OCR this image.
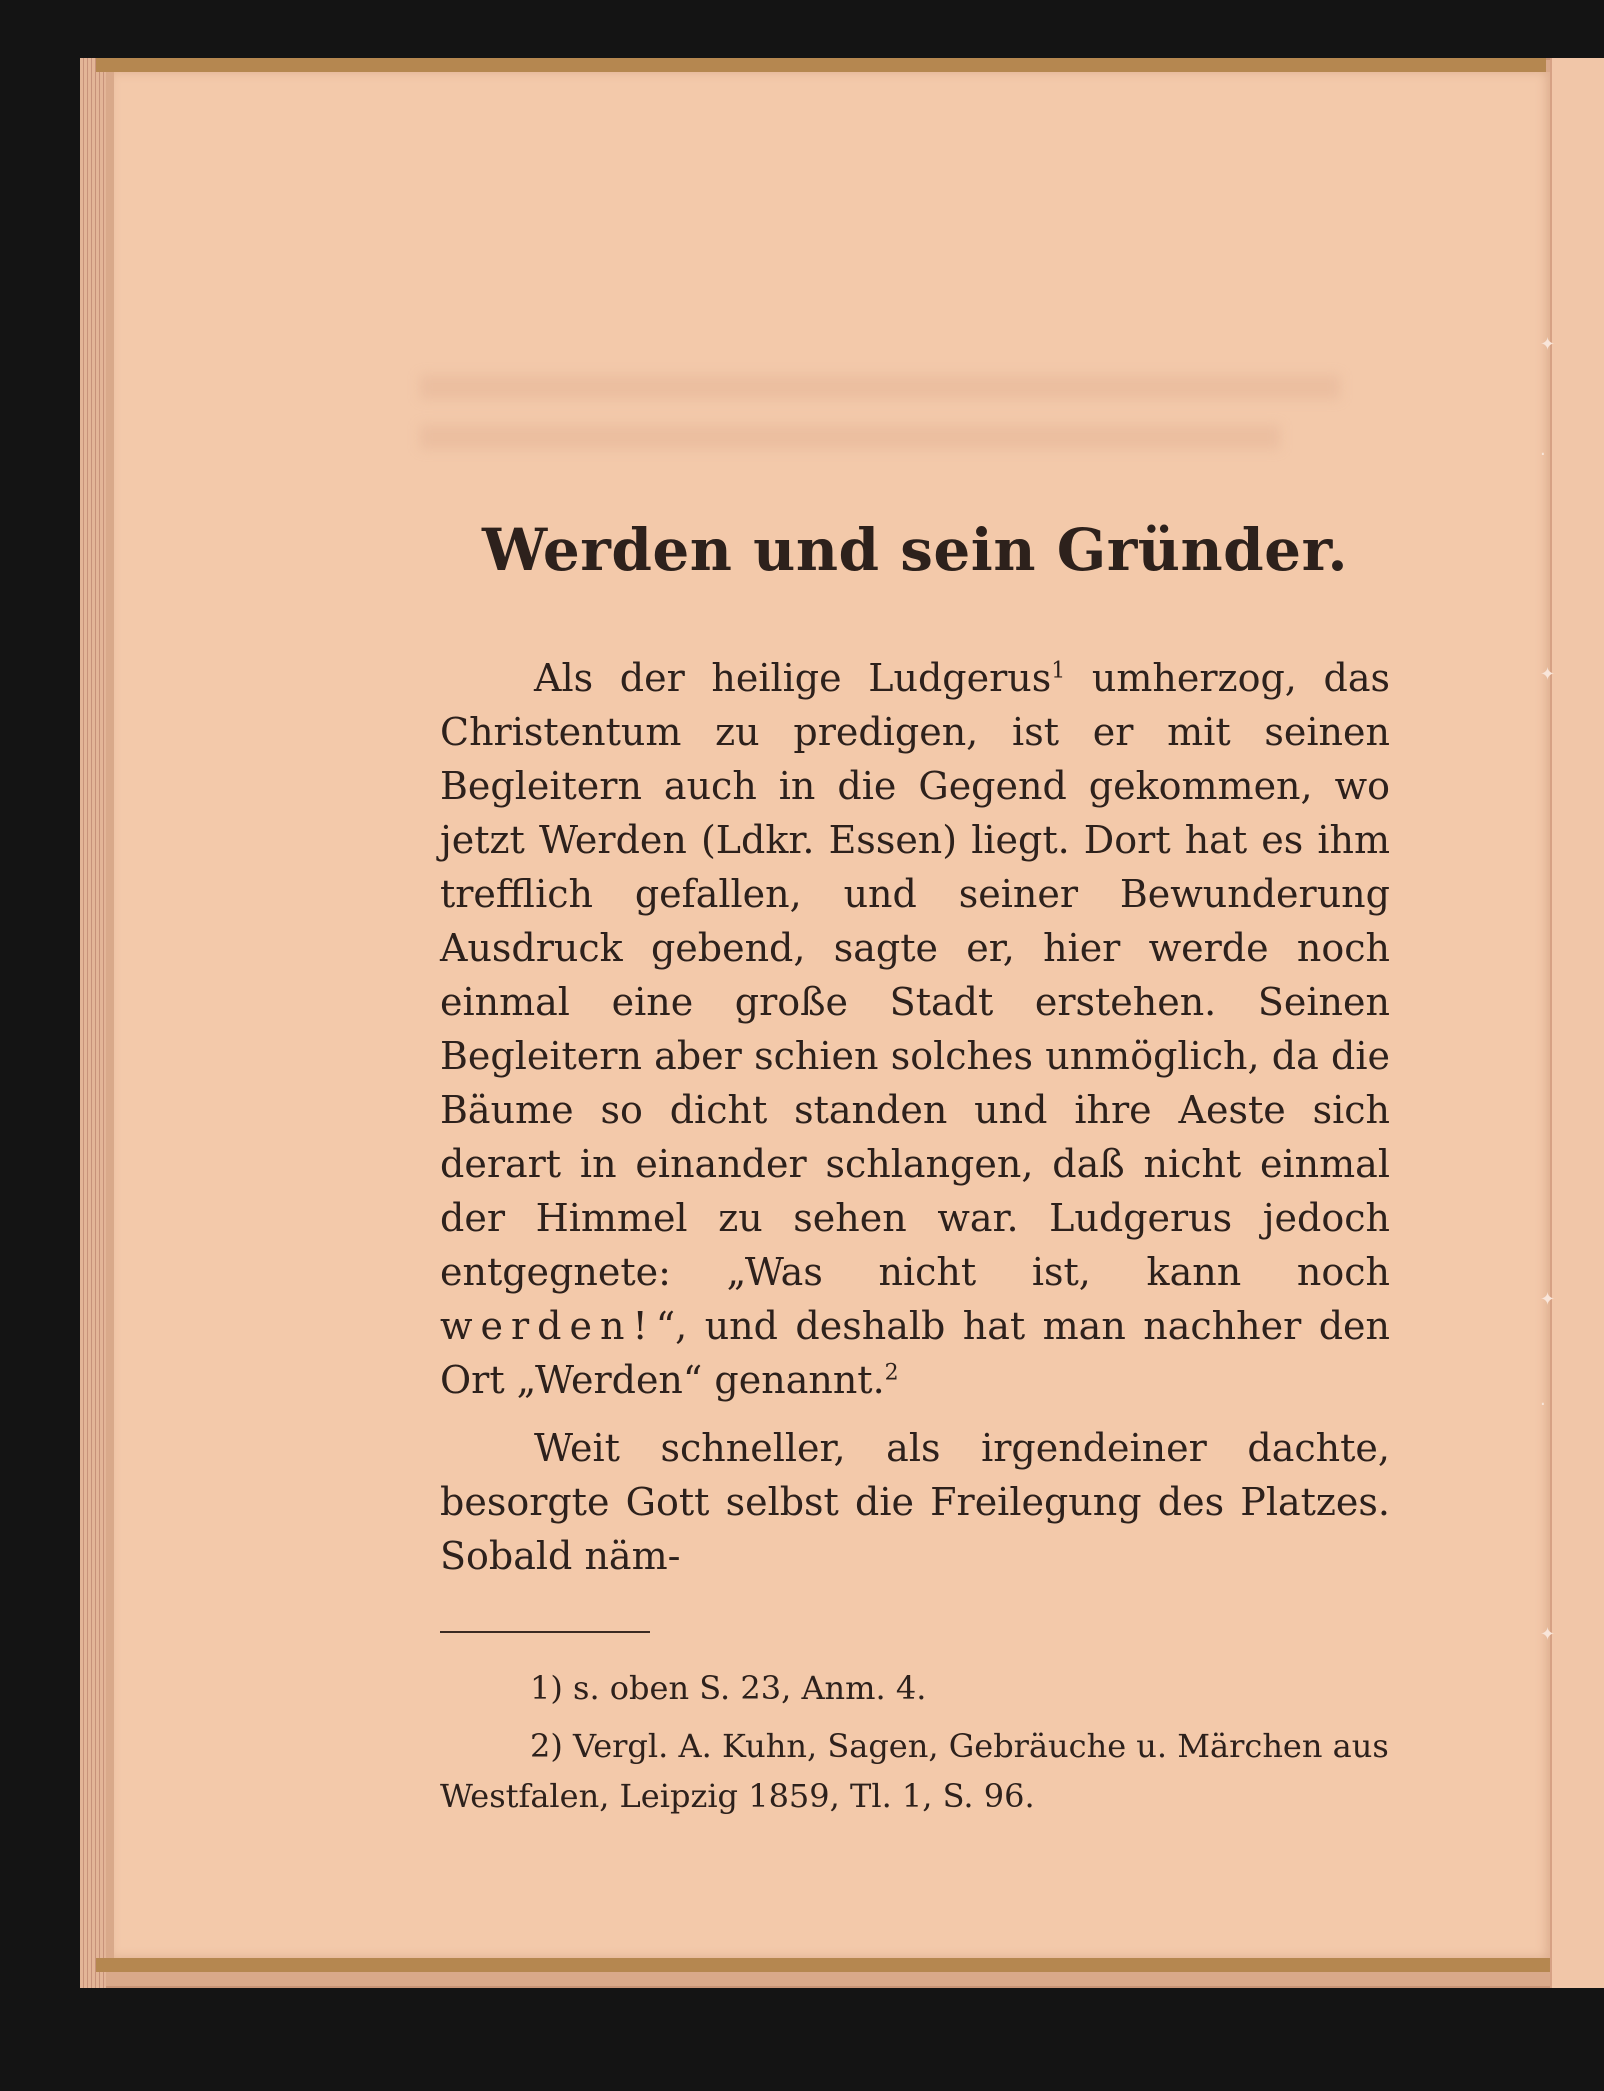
✦
·
✦
✦
·
✦
Werden und sein Gründer.

Als der heilige Ludgerus$^1$ umherzog, das Christentum zu predigen, ist er mit seinen Begleitern auch in die Gegend gekommen, wo jetzt Werden (Ldkr. Essen) liegt. Dort hat es ihm trefflich gefallen, und seiner Bewunderung Ausdruck gebend, sagte er, hier werde noch einmal eine große Stadt erstehen. Seinen Begleitern aber schien solches unmöglich, da die Bäume so dicht standen und ihre Aeste sich derart in einander schlangen, daß nicht einmal der Himmel zu sehen war. Ludgerus jedoch entgegnete: „Was nicht ist, kann noch werden!“, und deshalb hat man nachher den Ort „Werden“ genannt.$^2$

Weit schneller, als irgendeiner dachte, besorgte Gott selbst die Freilegung des Platzes. Sobald näm-

1) s. oben S. 23, Anm. 4.

2) Vergl. A. Kuhn, Sagen, Gebräuche u. Märchen aus Westfalen, Leipzig 1859, Tl. 1, S. 96.
